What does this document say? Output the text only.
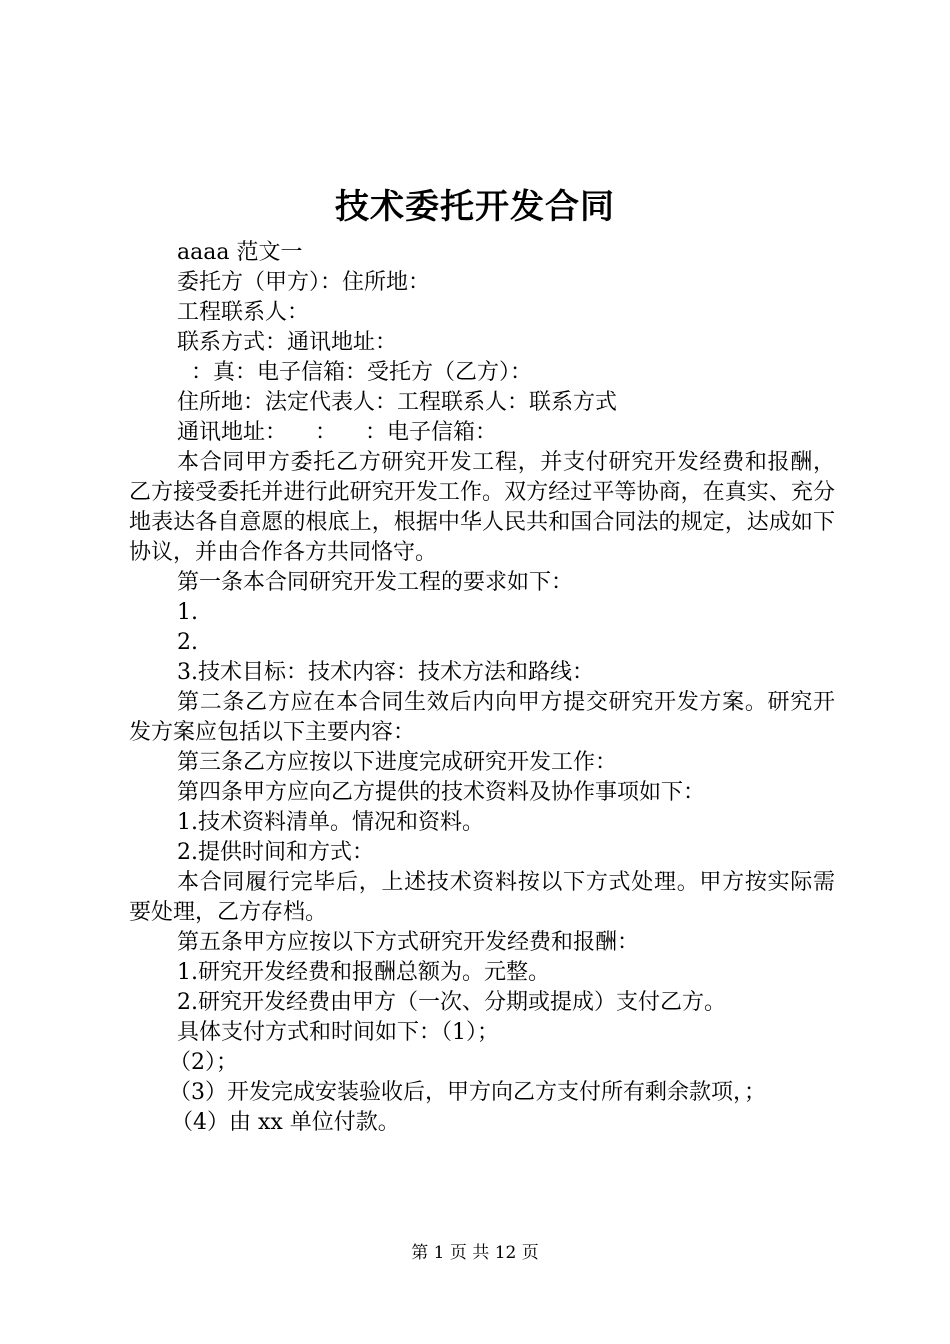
技术委托开发合同

aaaa 范文一

委托方（甲方）：住所地：

工程联系人：

联系方式：通讯地址：

：真：电子信箱：受托方（乙方）：

住所地：法定代表人：工程联系人：联系方式

通讯地址：    ：    ：电子信箱：

本合同甲方委托乙方研究开发工程，并支付研究开发经费和报酬，乙方接受委托并进行此研究开发工作。双方经过平等协商，在真实、充分地表达各自意愿的根底上，根据中华人民共和国合同法的规定，达成如下协议，并由合作各方共同恪守。

第一条本合同研究开发工程的要求如下：

1.

2.

3.技术目标：技术内容：技术方法和路线：

第二条乙方应在本合同生效后内向甲方提交研究开发方案。研究开发方案应包括以下主要内容：

第三条乙方应按以下进度完成研究开发工作：

第四条甲方应向乙方提供的技术资料及协作事项如下：

1.技术资料清单。情况和资料。

2.提供时间和方式：

本合同履行完毕后，上述技术资料按以下方式处理。甲方按实际需要处理，乙方存档。

第五条甲方应按以下方式研究开发经费和报酬：

1.研究开发经费和报酬总额为。元整。

2.研究开发经费由甲方（一次、分期或提成）支付乙方。

具体支付方式和时间如下：（1）；

（2）；

（3）开发完成安装验收后，甲方向乙方支付所有剩余款项，；

（4）由 xx 单位付款。

第 1 页 共 12 页
